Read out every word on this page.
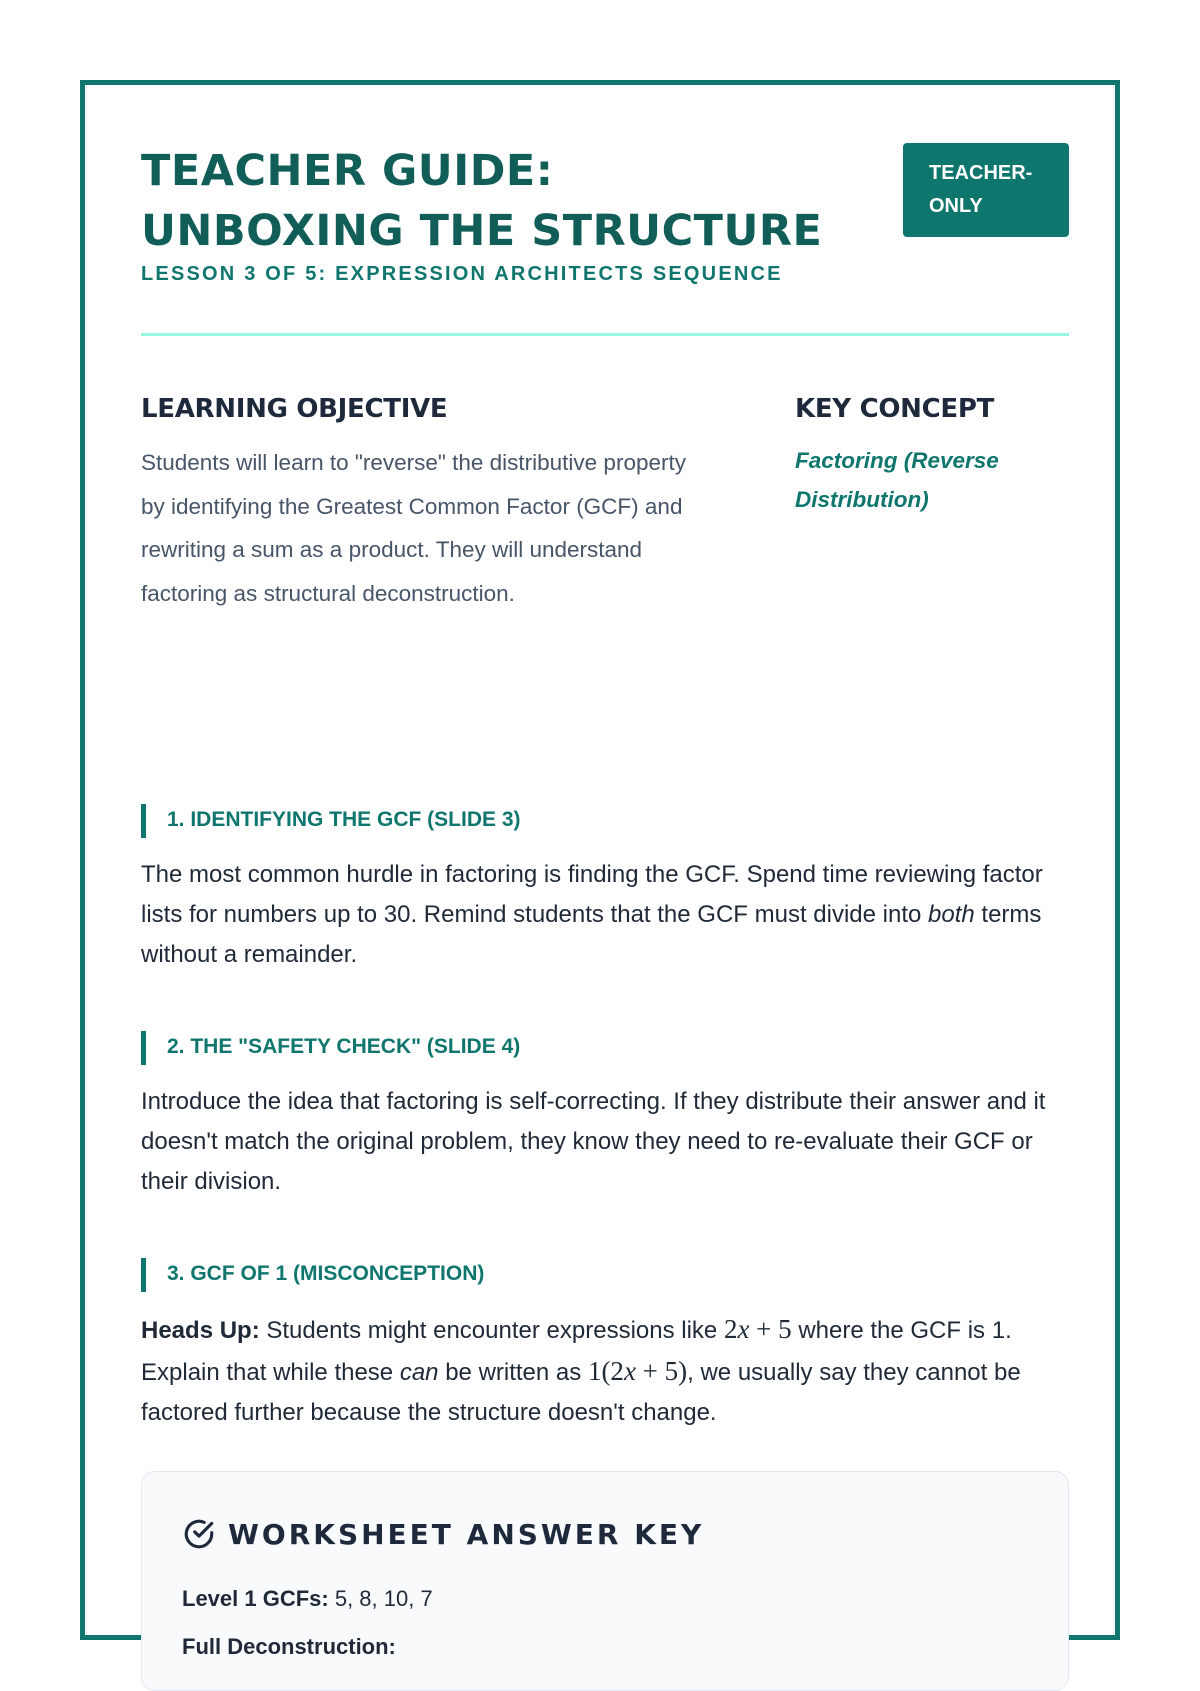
TEACHER GUIDE:
UNBOXING THE STRUCTURE
TEACHER-ONLY
LESSON 3 OF 5: EXPRESSION ARCHITECTS SEQUENCE
LEARNING OBJECTIVE

Students will learn to "reverse" the distributive property by identifying the Greatest Common Factor (GCF) and rewriting a sum as a product. They will understand factoring as structural deconstruction.

KEY CONCEPT

Factoring (Reverse Distribution)

1. IDENTIFYING THE GCF (SLIDE 3)

The most common hurdle in factoring is finding the GCF. Spend time reviewing factor lists for numbers up to 30. Remind students that the GCF must divide into both terms without a remainder.

2. THE "SAFETY CHECK" (SLIDE 4)

Introduce the idea that factoring is self-correcting. If they distribute their answer and it doesn't match the original problem, they know they need to re-evaluate their GCF or their division.

3. GCF OF 1 (MISCONCEPTION)

Heads Up: Students might encounter expressions like 2x + 5 where the GCF is 1. Explain that while these can be written as 1(2x + 5), we usually say they cannot be factored further because the structure doesn't change.

WORKSHEET ANSWER KEY
Level 1 GCFs: 5, 8, 10, 7
Full Deconstruction:
